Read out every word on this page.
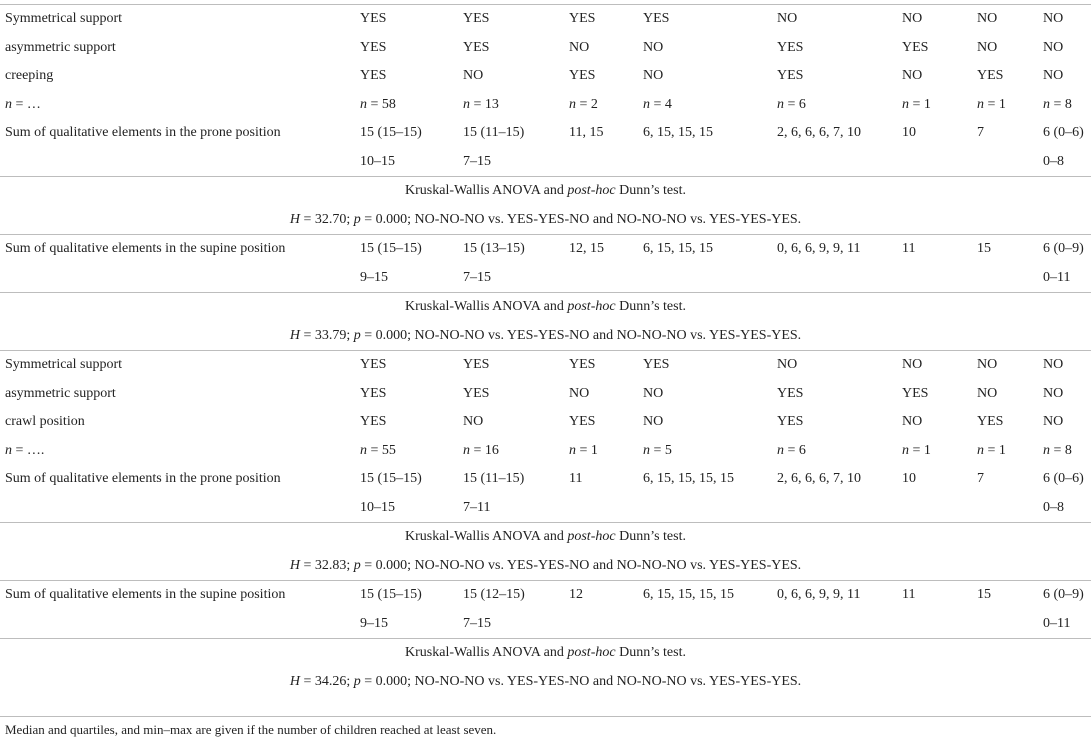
Symmetrical support	YES	YES	YES	YES	NO	NO	NO	NO
asymmetric support	YES	YES	NO	NO	YES	YES	NO	NO
creeping	YES	NO	YES	NO	YES	NO	YES	NO
n = …	n = 58	n = 13	n = 2	n = 4	n = 6	n = 1	n = 1	n = 8
Sum of qualitative elements in the prone position	15 (15–15)	15 (11–15)	11, 15	6, 15, 15, 15	2, 6, 6, 6, 7, 10	10	7	6 (0–6)
	10–15	7–15						0–8
Kruskal-Wallis ANOVA and post-hoc Dunn’s test.								
H = 32.70; p = 0.000; NO-NO-NO vs. YES-YES-NO and NO-NO-NO vs. YES-YES-YES.								
Sum of qualitative elements in the supine position	15 (15–15)	15 (13–15)	12, 15	6, 15, 15, 15	0, 6, 6, 9, 9, 11	11	15	6 (0–9)
	9–15	7–15						0–11
Kruskal-Wallis ANOVA and post-hoc Dunn’s test.								
H = 33.79; p = 0.000; NO-NO-NO vs. YES-YES-NO and NO-NO-NO vs. YES-YES-YES.								
Symmetrical support	YES	YES	YES	YES	NO	NO	NO	NO
asymmetric support	YES	YES	NO	NO	YES	YES	NO	NO
crawl position	YES	NO	YES	NO	YES	NO	YES	NO
n = ….	n = 55	n = 16	n = 1	n = 5	n = 6	n = 1	n = 1	n = 8
Sum of qualitative elements in the prone position	15 (15–15)	15 (11–15)	11	6, 15, 15, 15, 15	2, 6, 6, 6, 7, 10	10	7	6 (0–6)
	10–15	7–11						0–8
Kruskal-Wallis ANOVA and post-hoc Dunn’s test.								
H = 32.83; p = 0.000; NO-NO-NO vs. YES-YES-NO and NO-NO-NO vs. YES-YES-YES.								
Sum of qualitative elements in the supine position	15 (15–15)	15 (12–15)	12	6, 15, 15, 15, 15	0, 6, 6, 9, 9, 11	11	15	6 (0–9)
	9–15	7–15						0–11
Kruskal-Wallis ANOVA and post-hoc Dunn’s test.								
H = 34.26; p = 0.000; NO-NO-NO vs. YES-YES-NO and NO-NO-NO vs. YES-YES-YES.								
Median and quartiles, and min–max are given if the number of children reached at least seven.
